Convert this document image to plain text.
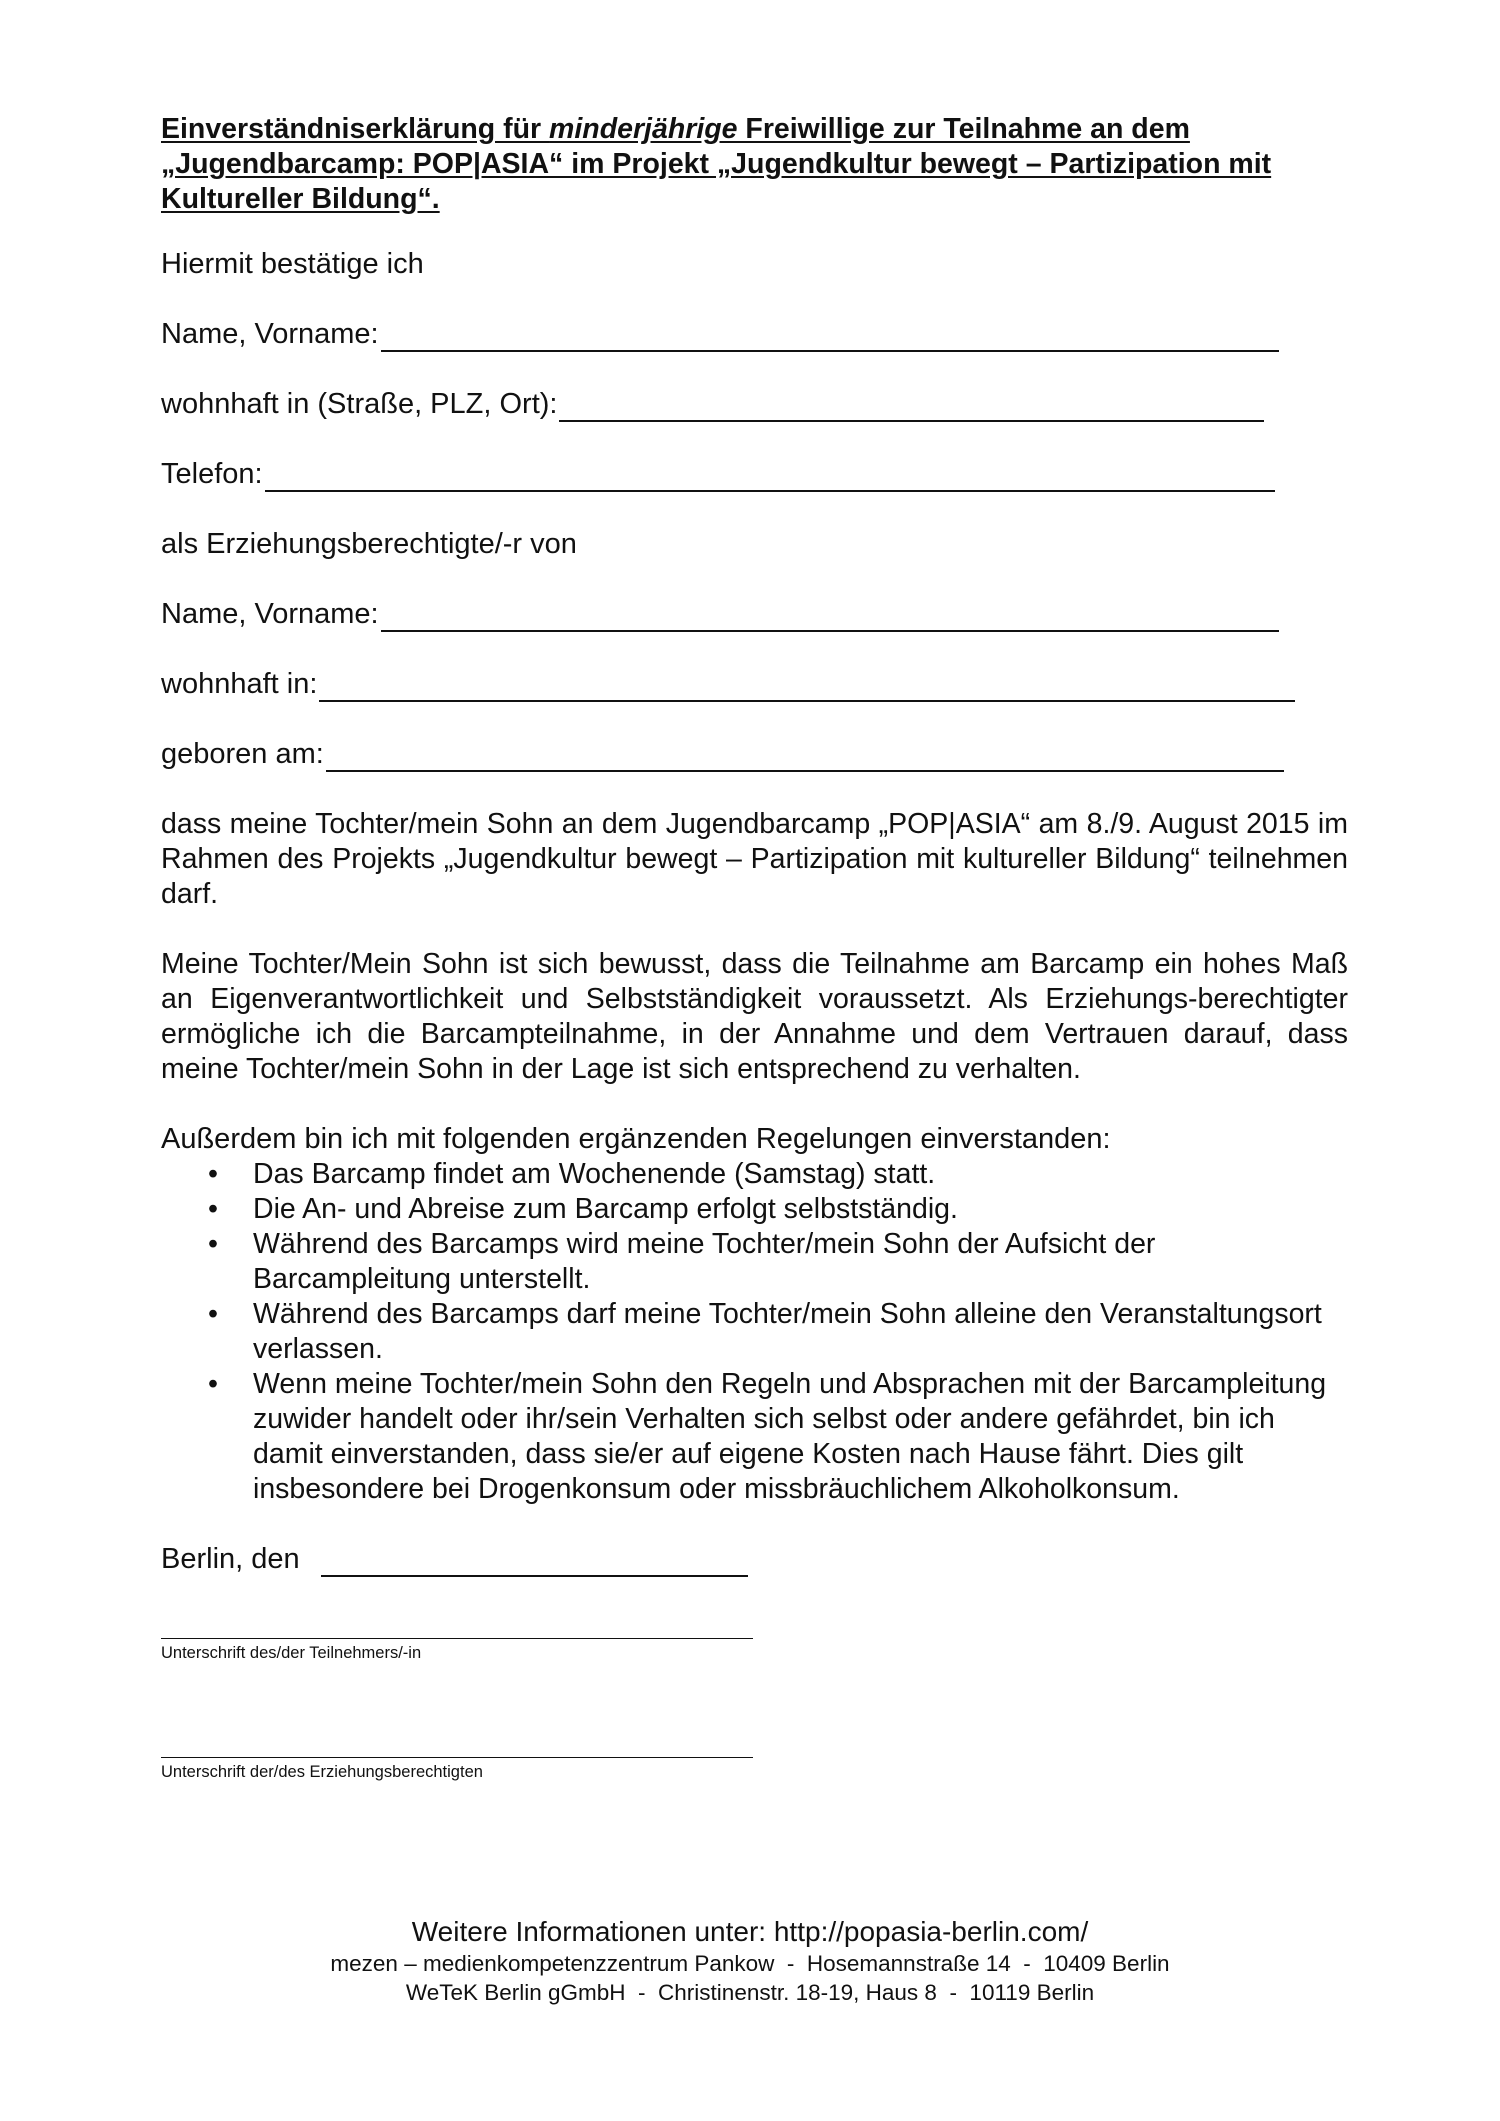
Einverständniserklärung für minderjährige Freiwillige zur Teilnahme an dem
„Jugendbarcamp: POP|ASIA“ im Projekt „Jugendkultur bewegt – Partizipation mit
Kultureller Bildung“.

Hiermit bestätige ich

Name, Vorname:
wohnhaft in (Straße, PLZ, Ort):
Telefon:

als Erziehungsberechtigte/-r von

Name, Vorname:
wohnhaft in:
geboren am:

dass meine Tochter/mein Sohn an dem Jugendbarcamp „POP|ASIA“ am 8./9. August 2015 im Rahmen des Projekts „Jugendkultur bewegt – Partizipation mit kultureller Bildung“ teilnehmen darf.

Meine Tochter/Mein Sohn ist sich bewusst, dass die Teilnahme am Barcamp ein hohes Maß an Eigenverantwortlichkeit und Selbstständigkeit voraussetzt. Als Erziehungs-berechtigter ermögliche ich die Barcampteilnahme, in der Annahme und dem Vertrauen darauf, dass meine Tochter/mein Sohn in der Lage ist sich entsprechend zu verhalten.

Außerdem bin ich mit folgenden ergänzenden Regelungen einverstanden:

• Das Barcamp findet am Wochenende (Samstag) statt.
• Die An- und Abreise zum Barcamp erfolgt selbstständig.
• Während des Barcamps wird meine Tochter/mein Sohn der Aufsicht der Barcampleitung unterstellt.
• Während des Barcamps darf meine Tochter/mein Sohn alleine den Veranstaltungsort verlassen.
• Wenn meine Tochter/mein Sohn den Regeln und Absprachen mit der Barcampleitung zuwider handelt oder ihr/sein Verhalten sich selbst oder andere gefährdet, bin ich damit einverstanden, dass sie/er auf eigene Kosten nach Hause fährt. Dies gilt insbesondere bei Drogenkonsum oder missbräuchlichem Alkoholkonsum.
Berlin, den
Unterschrift des/der Teilnehmers/-in
Unterschrift der/des Erziehungsberechtigten
Weitere Informationen unter: http://popasia-berlin.com/
mezen – medienkompetenzzentrum Pankow  -  Hosemannstraße 14  -  10409 Berlin
WeTeK Berlin gGmbH  -  Christinenstr. 18-19, Haus 8  -  10119 Berlin
